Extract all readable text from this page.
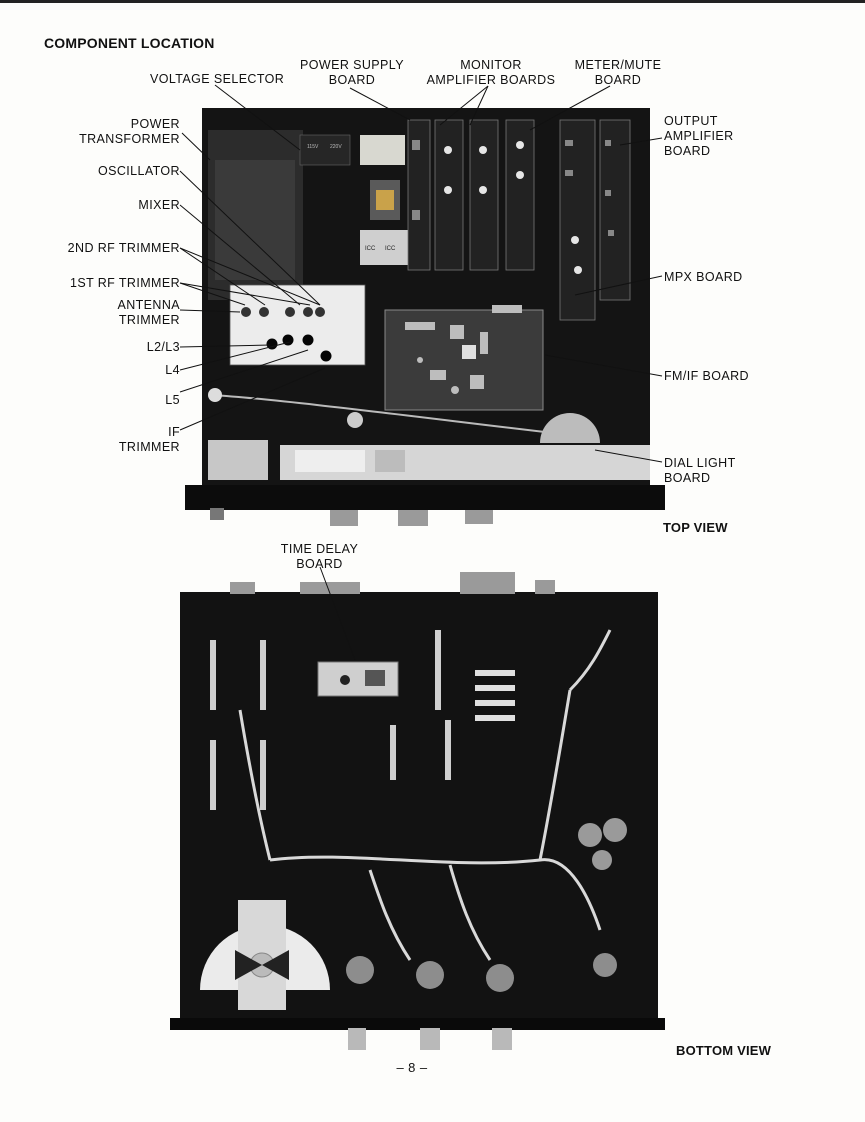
COMPONENT LOCATION
115V 220V
ICC ICC
VOLTAGE SELECTOR
POWER SUPPLY
BOARD
MONITOR
AMPLIFIER BOARDS
METER/MUTE
BOARD
POWER
TRANSFORMER
OUTPUT
AMPLIFIER
BOARD
OSCILLATOR
MIXER
2ND RF TRIMMER
1ST RF TRIMMER
ANTENNA
TRIMMER
MPX BOARD
L2/L3
L4
L5
FM/IF BOARD
IF
TRIMMER
DIAL LIGHT
BOARD
TOP VIEW
TIME DELAY
BOARD
BOTTOM VIEW
– 8 –
